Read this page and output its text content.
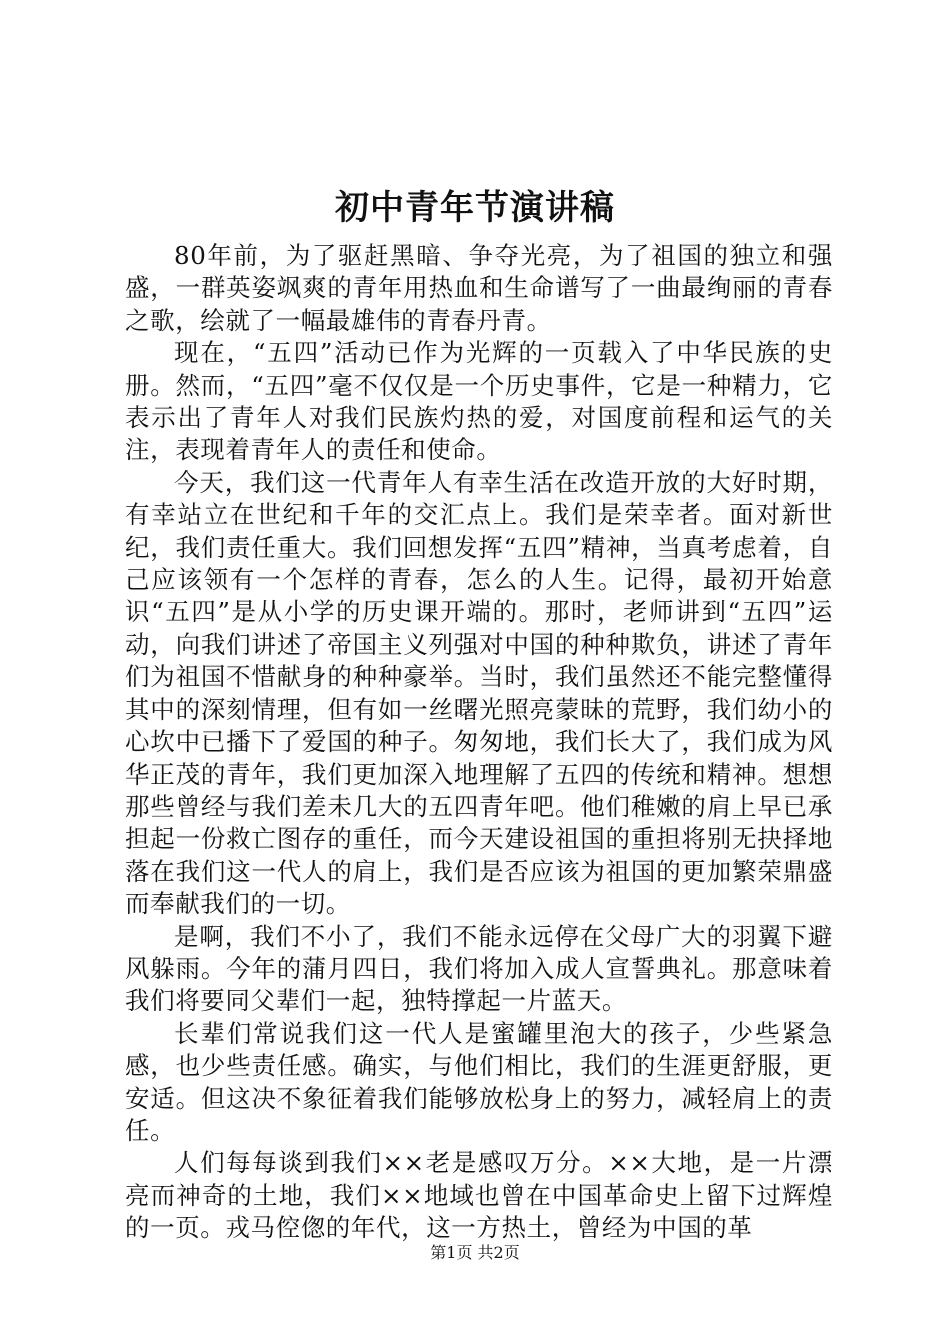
初中青年节演讲稿

80年前，为了驱赶黑暗、争夺光亮，为了祖国的独立和强盛，一群英姿飒爽的青年用热血和生命谱写了一曲最绚丽的青春之歌，绘就了一幅最雄伟的青春丹青。

现在，“五四”活动已作为光辉的一页载入了中华民族的史册。然而，“五四”毫不仅仅是一个历史事件，它是一种精力，它表示出了青年人对我们民族灼热的爱，对国度前程和运气的关注，表现着青年人的责任和使命。

今天，我们这一代青年人有幸生活在改造开放的大好时期，有幸站立在世纪和千年的交汇点上。我们是荣幸者。面对新世纪，我们责任重大。我们回想发挥“五四”精神，当真考虑着，自己应该领有一个怎样的青春，怎么的人生。记得，最初开始意识“五四”是从小学的历史课开端的。那时，老师讲到“五四”运动，向我们讲述了帝国主义列强对中国的种种欺负，讲述了青年们为祖国不惜献身的种种豪举。当时，我们虽然还不能完整懂得其中的深刻情理，但有如一丝曙光照亮蒙昧的荒野，我们幼小的心坎中已播下了爱国的种子。匆匆地，我们长大了，我们成为风华正茂的青年，我们更加深入地理解了五四的传统和精神。想想那些曾经与我们差未几大的五四青年吧。他们稚嫩的肩上早已承担起一份救亡图存的重任，而今天建设祖国的重担将别无抉择地落在我们这一代人的肩上，我们是否应该为祖国的更加繁荣鼎盛而奉献我们的一切。

是啊，我们不小了，我们不能永远停在父母广大的羽翼下避风躲雨。今年的蒲月四日，我们将加入成人宣誓典礼。那意味着我们将要同父辈们一起，独特撑起一片蓝天。

长辈们常说我们这一代人是蜜罐里泡大的孩子，少些紧急感，也少些责任感。确实，与他们相比，我们的生涯更舒服，更安适。但这决不象征着我们能够放松身上的努力，减轻肩上的责任。

人们每每谈到我们××老是感叹万分。××大地，是一片漂亮而神奇的土地，我们××地域也曾在中国革命史上留下过辉煌的一页。戎马倥偬的年代，这一方热土，曾经为中国的革

第1页 共2页
